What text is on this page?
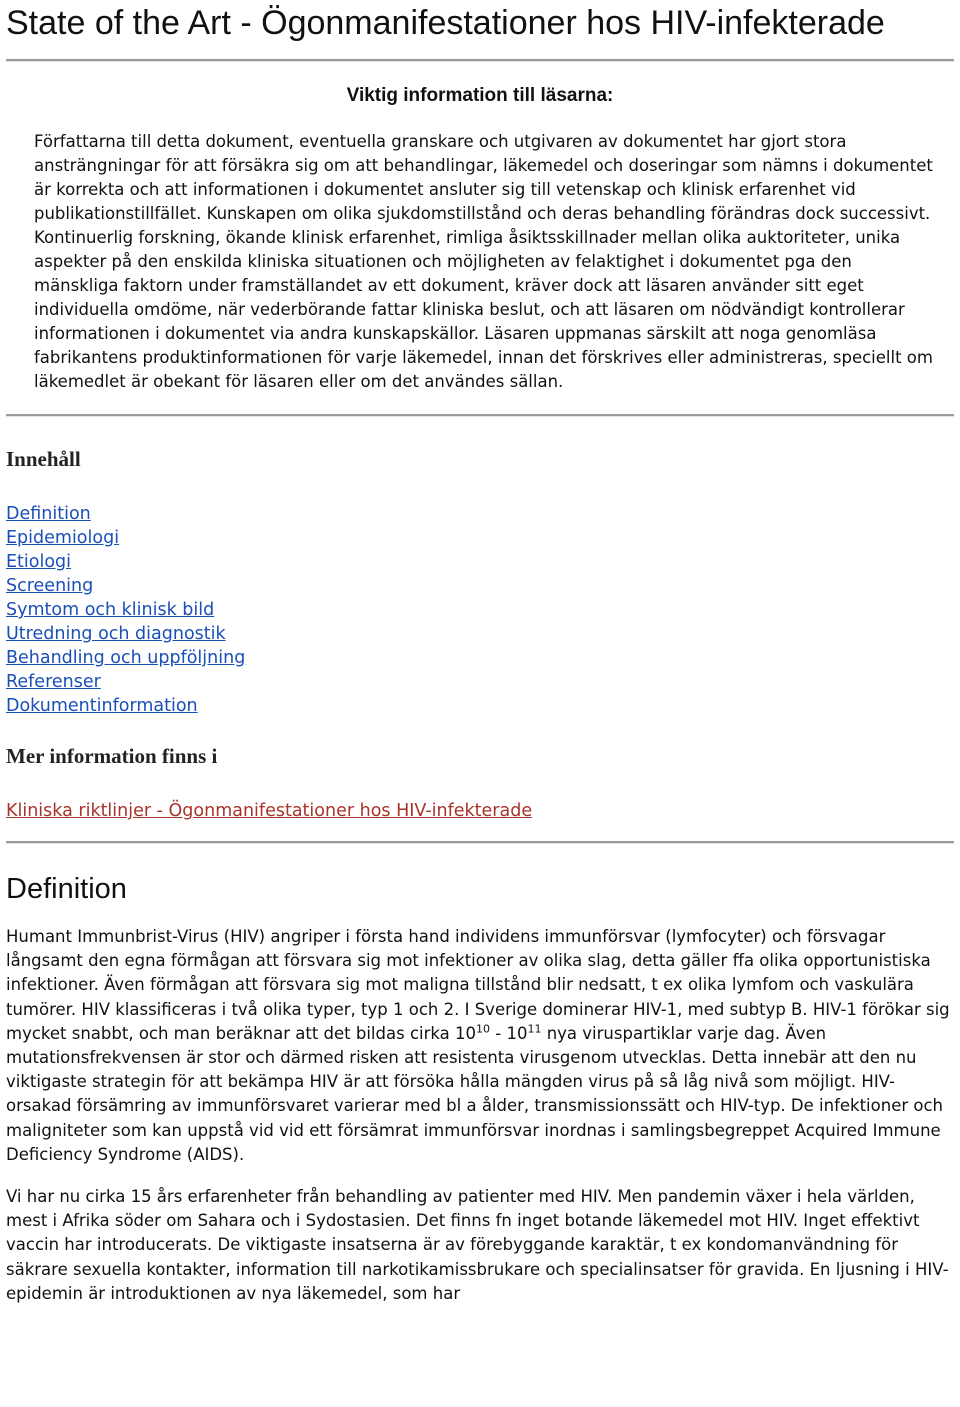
State of the Art - Ögonmanifestationer hos HIV-infekterade
Viktig information till läsarna:

Författarna till detta dokument, eventuella granskare och utgivaren av dokumentet har gjort stora ansträngningar för att försäkra sig om att behandlingar, läkemedel och doseringar som nämns i dokumentet är korrekta och att informationen i dokumentet ansluter sig till vetenskap och klinisk erfarenhet vid publikationstillfället. Kunskapen om olika sjukdomstillstånd och deras behandling förändras dock successivt. Kontinuerlig forskning, ökande klinisk erfarenhet, rimliga åsiktsskillnader mellan olika auktoriteter, unika aspekter på den enskilda kliniska situationen och möjligheten av felaktighet i dokumentet pga den mänskliga faktorn under framställandet av ett dokument, kräver dock att läsaren använder sitt eget individuella omdöme, när vederbörande fattar kliniska beslut, och att läsaren om nödvändigt kontrollerar informationen i dokumentet via andra kunskapskällor. Läsaren uppmanas särskilt att noga genomläsa fabrikantens produktinformationen för varje läkemedel, innan det förskrives eller administreras, speciellt om läkemedlet är obekant för läsaren eller om det användes sällan.

Innehåll
Definition
Epidemiologi
Etiologi
Screening
Symtom och klinisk bild
Utredning och diagnostik
Behandling och uppföljning
Referenser
Dokumentinformation
Mer information finns i
Kliniska riktlinjer - Ögonmanifestationer hos HIV-infekterade
Definition

Humant Immunbrist-Virus (HIV) angriper i första hand individens immunförsvar (lymfocyter) och försvagar långsamt den egna förmågan att försvara sig mot infektioner av olika slag, detta gäller ffa olika opportunistiska infektioner. Även förmågan att försvara sig mot maligna tillstånd blir nedsatt, t ex olika lymfom och vaskulära tumörer. HIV klassificeras i två olika typer, typ 1 och 2. I Sverige dominerar HIV-1, med subtyp B. HIV-1 förökar sig mycket snabbt, och man beräknar att det bildas cirka $10^{10} - 10^{11}$ nya viruspartiklar varje dag. Även mutationsfrekvensen är stor och därmed risken att resistenta virusgenom utvecklas. Detta innebär att den nu viktigaste strategin för att bekämpa HIV är att försöka hålla mängden virus på så låg nivå som möjligt. HIV-orsakad försämring av immunförsvaret varierar med bl a ålder, transmissionssätt och HIV-typ. De infektioner och maligniteter som kan uppstå vid vid ett försämrat immunförsvar inordnas i samlingsbegreppet Acquired Immune Deficiency Syndrome (AIDS).

Vi har nu cirka 15 års erfarenheter från behandling av patienter med HIV. Men pandemin växer i hela världen, mest i Afrika söder om Sahara och i Sydostasien. Det finns fn inget botande läkemedel mot HIV. Inget effektivt vaccin har introducerats. De viktigaste insatserna är av förebyggande karaktär, t ex kondomanvändning för säkrare sexuella kontakter, information till narkotikamissbrukare och specialinsatser för gravida. En ljusning i HIV-epidemin är introduktionen av nya läkemedel, som har
